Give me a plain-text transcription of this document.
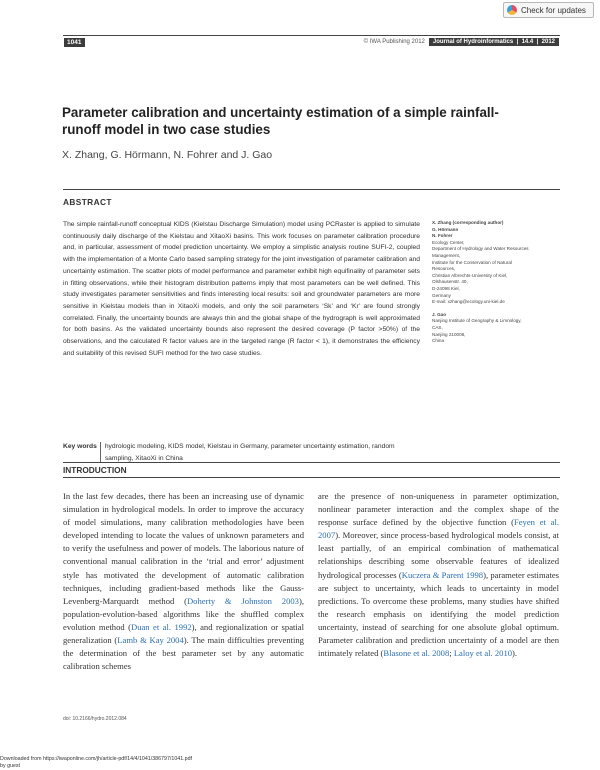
Check for updates
1041	© IWA Publishing 2012	Journal of Hydroinformatics  |  14.4  |  2012
Parameter calibration and uncertainty estimation of a simple rainfall-runoff model in two case studies
X. Zhang, G. Hörmann, N. Fohrer and J. Gao
ABSTRACT

The simple rainfall-runoff conceptual KIDS (Kielstau Discharge Simulation) model using PCRaster is applied to simulate continuously daily discharge of the Kielstau and XitaoXi basins. This work focuses on parameter calibration procedure and, in particular, assessment of model prediction uncertainty. We employ a simplistic analysis routine SUFI-2, coupled with the implementation of a Monte Carlo based sampling strategy for the joint investigation of parameter calibration and uncertainty estimation. The scatter plots of model performance and parameter exhibit high equifinality of parameter sets in fitting observations, while their histogram distribution patterns imply that most parameters can be well defined. This study investigates parameter sensitivities and finds interesting local results: soil and groundwater parameters are more sensitive in Kielstau models than in XitaoXi models, and only the soil parameters ‘Sk’ and ‘Kr’ are found strongly correlated. Finally, the uncertainty bounds are always thin and the global shape of the hydrograph is well approximated for both basins. As the validated uncertainty bounds also represent the desired coverage (P factor >50%) of the observations, and the calculated R factor values are in the targeted range (R factor < 1), it demonstrates the efficiency and suitability of this revised SUFI method for the two case studies.

Key words hydrologic modeling, KIDS model, Kielstau in Germany, parameter uncertainty estimation, random sampling, XitaoXi in China
X. Zhang (corresponding author)
G. Hörmann
N. Fohrer
Ecology Center,
Department of Hydrology and Water Resources
Management,
Institute for the Conservation of Natural
Resources,
Christian Albrechts-University of Kiel,
Olshausenstr. 40,
D-24098 Kiel,
Germany
E-mail: xzhang@ecology.uni-kiel.de
J. Gao
Nanjing Institute of Geography & Limnology,
CAS,
Nanjing 210008,
China
INTRODUCTION
In the last few decades, there has been an increasing use of dynamic simulation in hydrological models. In order to improve the accuracy of model simulations, many calibration methodologies have been developed intending to locate the values of unknown parameters and to verify the usefulness and power of models. The laborious nature of conventional manual calibration in the ‘trial and error’ adjustment style has motivated the development of automatic calibration techniques, including gradient-based methods like the Gauss-Levenberg-Marquardt method (Doherty & Johnston 2003), population-evolution-based algorithms like the shuffled complex evolution method (Duan et al. 1992), and regionalization or spatial generalization (Lamb & Kay 2004). The main difficulties preventing the determination of the best parameter set by any automatic calibration schemes
are the presence of non-uniqueness in parameter optimization, nonlinear parameter interaction and the complex shape of the response surface defined by the objective function (Feyen et al. 2007). Moreover, since process-based hydrological models consist, at least partially, of an empirical combination of mathematical relationships describing some observable features of idealized hydrological processes (Kuczera & Parent 1998), parameter estimates are subject to uncertainty, which leads to uncertainty in model predictions. To overcome these problems, many studies have shifted the research emphasis on identifying the model prediction uncertainty, instead of searching for one absolute global optimum. Parameter calibration and prediction uncertainty of a model are then intimately related (Blasone et al. 2008; Laloy et al. 2010).
doi: 10.2166/hydro.2012.084
Downloaded from https://iwaponline.com/jh/article-pdf/14/4/1041/386797/1041.pdf
by guest
